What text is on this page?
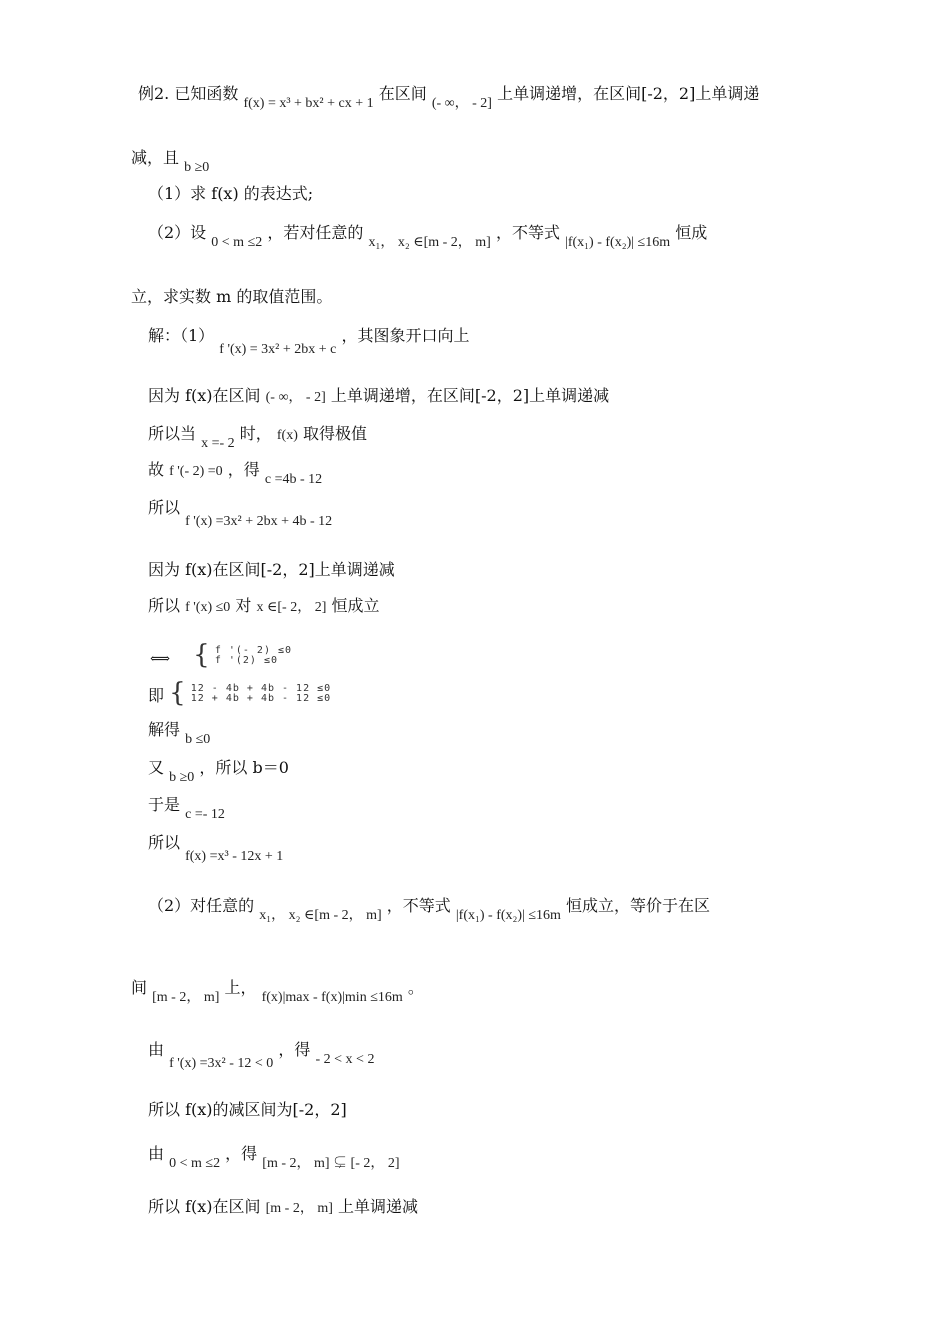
例2. 已知函数 f(x) = x³ + bx² + cx + 1 在区间 (- ∞， - 2] 上单调递增，在区间[-2，2]上单调递
减，且 b ≥0
（1）求 f(x) 的表达式;
（2）设 0 < m ≤2 ，若对任意的 x₁， x₂ ∈[m - 2， m] ，不等式 |f(x₁) - f(x₂)| ≤16m 恒成
立，求实数 m 的取值范围。
解：（1） f '(x) = 3x² + 2bx + c ，其图象开口向上
因为 f(x)在区间 (- ∞， - 2] 上单调递增，在区间[-2，2]上单调递减
所以当 x =- 2 时， f(x) 取得极值
故 f '(- 2) =0 ，得 c =4b - 12
所以 f '(x) =3x² + 2bx + 4b - 12
因为 f(x)在区间[-2，2]上单调递减
所以 f '(x) ≤0 对 x ∈[- 2， 2] 恒成立
⟺ { f '(- 2) ≤0
f '(2) ≤0
即 { 12 - 4b + 4b - 12 ≤0
12 + 4b + 4b - 12 ≤0
解得 b ≤0
又 b ≥0 ，所以 b＝0
于是 c =- 12
所以 f(x) =x³ - 12x + 1
（2）对任意的 x₁， x₂ ∈[m - 2， m] ，不等式 |f(x₁) - f(x₂)| ≤16m 恒成立，等价于在区
间 [m - 2， m] 上， f(x)|max - f(x)|min ≤16m 。
由 f '(x) =3x² - 12 < 0 ，得 - 2 < x < 2
所以 f(x)的减区间为[-2，2]
由 0 < m ≤2 ，得 [m - 2， m] ⊊ [- 2， 2]
所以 f(x)在区间 [m - 2， m] 上单调递减
